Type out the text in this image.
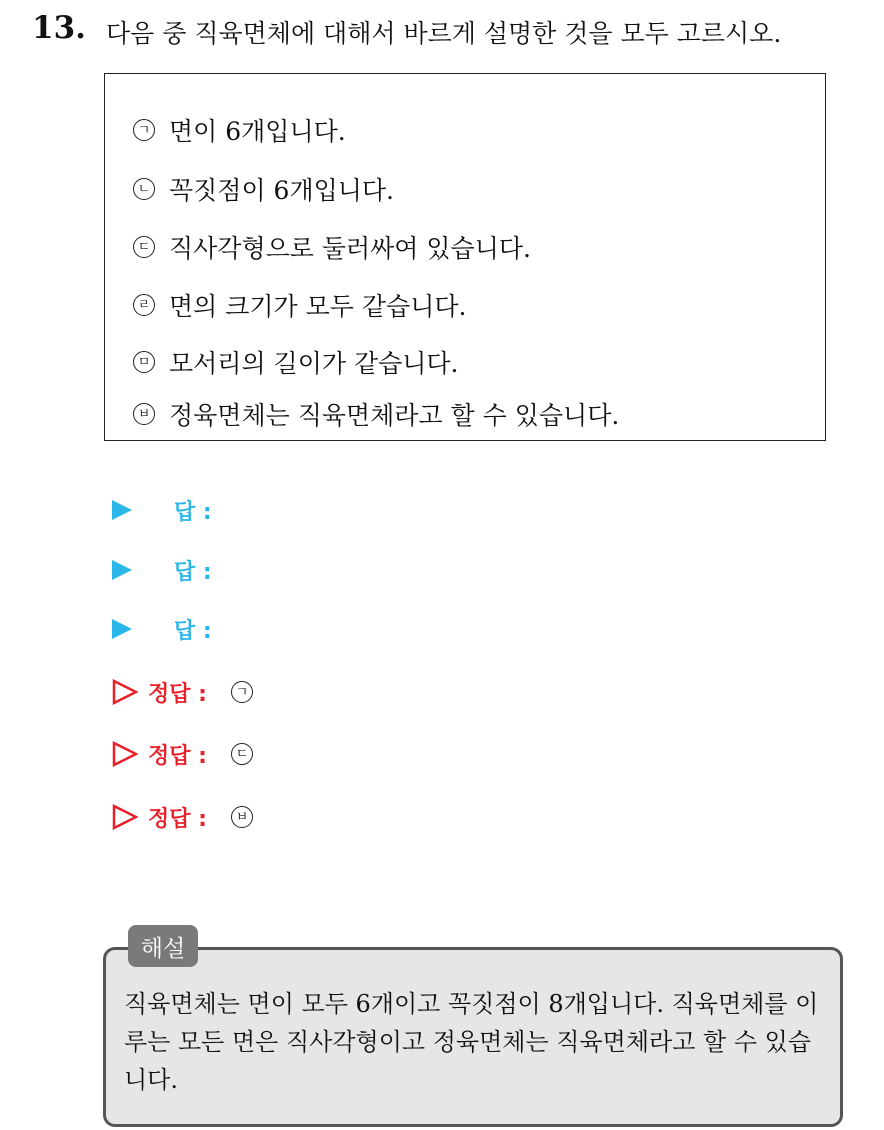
13. 다음 중 직육면체에 대해서 바르게 설명한 것을 모두 고르시오.
ㄱ 면이 6개입니다.
ㄴ 꼭짓점이 6개입니다.
ㄷ 직사각형으로 둘러싸여 있습니다.
ㄹ 면의 크기가 모두 같습니다.
ㅁ 모서리의 길이가 같습니다.
ㅂ 정육면체는 직육면체라고 할 수 있습니다.
답 :
답 :
답 :
정답 :	ㄱ
정답 :	ㄷ
정답 :	ㅂ
해설
직육면체는 면이 모두 6개이고 꼭짓점이 8개입니다. 직육면체를 이루는 모든 면은 직사각형이고 정육면체는 직육면체라고 할 수 있습니다.
